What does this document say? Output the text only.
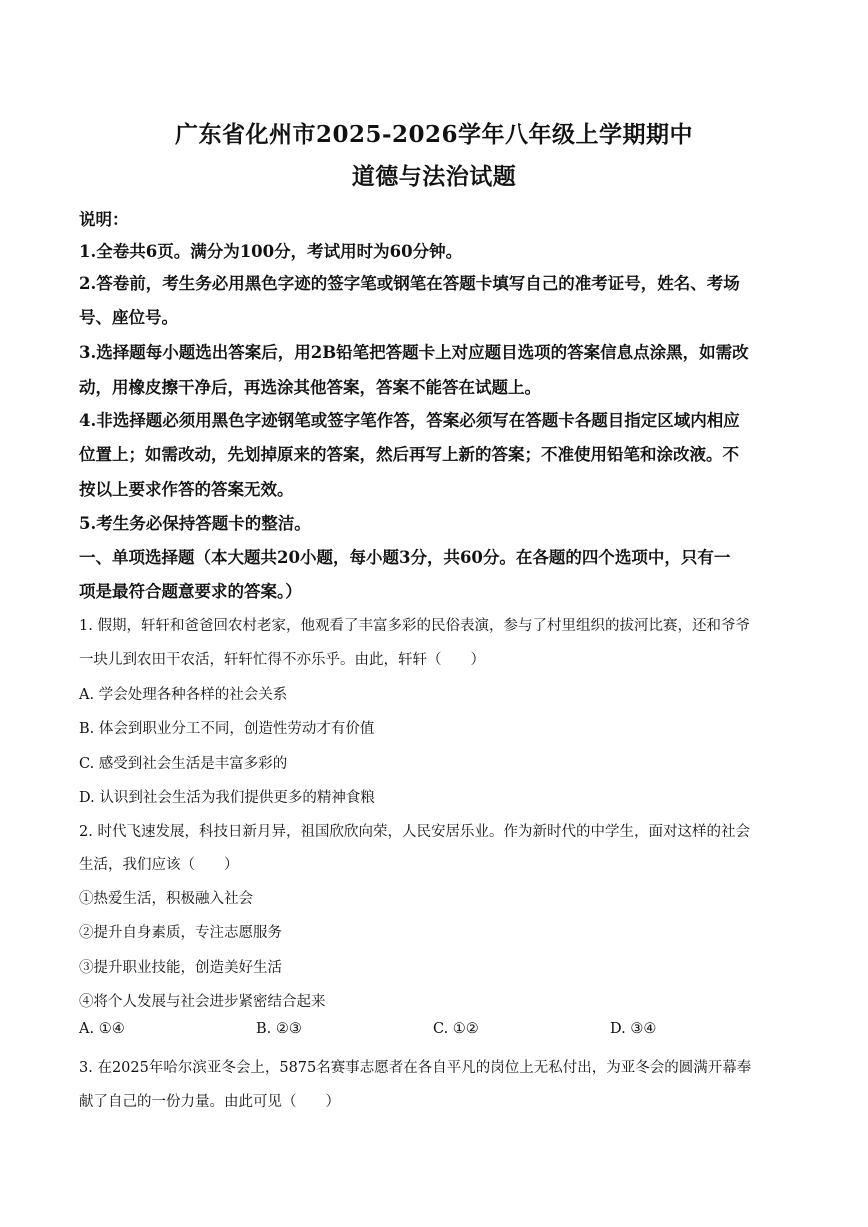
广东省化州市2025-2026学年八年级上学期期中
道德与法治试题
说明：
1.全卷共6页。满分为100分，考试用时为60分钟。
2.答卷前，考生务必用黑色字迹的签字笔或钢笔在答题卡填写自己的准考证号，姓名、考场
号、座位号。
3.选择题每小题选出答案后，用2B铅笔把答题卡上对应题目选项的答案信息点涂黑，如需改
动，用橡皮擦干净后，再选涂其他答案，答案不能答在试题上。
4.非选择题必须用黑色字迹钢笔或签字笔作答，答案必须写在答题卡各题目指定区域内相应
位置上；如需改动，先划掉原来的答案，然后再写上新的答案；不准使用铅笔和涂改液。不
按以上要求作答的答案无效。
5.考生务必保持答题卡的整洁。
一、单项选择题（本大题共20小题，每小题3分，共60分。在各题的四个选项中，只有一
项是最符合题意要求的答案。）
1. 假期，轩轩和爸爸回农村老家，他观看了丰富多彩的民俗表演，参与了村里组织的拔河比赛，还和爷爷
一块儿到农田干农活，轩轩忙得不亦乐乎。由此，轩轩（　　）
A. 学会处理各种各样的社会关系
B. 体会到职业分工不同，创造性劳动才有价值
C. 感受到社会生活是丰富多彩的
D. 认识到社会生活为我们提供更多的精神食粮
2. 时代飞速发展，科技日新月异，祖国欣欣向荣，人民安居乐业。作为新时代的中学生，面对这样的社会
生活，我们应该（　　）
①热爱生活，积极融入社会
②提升自身素质，专注志愿服务
③提升职业技能，创造美好生活
④将个人发展与社会进步紧密结合起来
A. ①④	B. ②③	C. ①②	D. ③④
3. 在2025年哈尔滨亚冬会上，5875名赛事志愿者在各自平凡的岗位上无私付出，为亚冬会的圆满开幕奉
献了自己的一份力量。由此可见（　　）
